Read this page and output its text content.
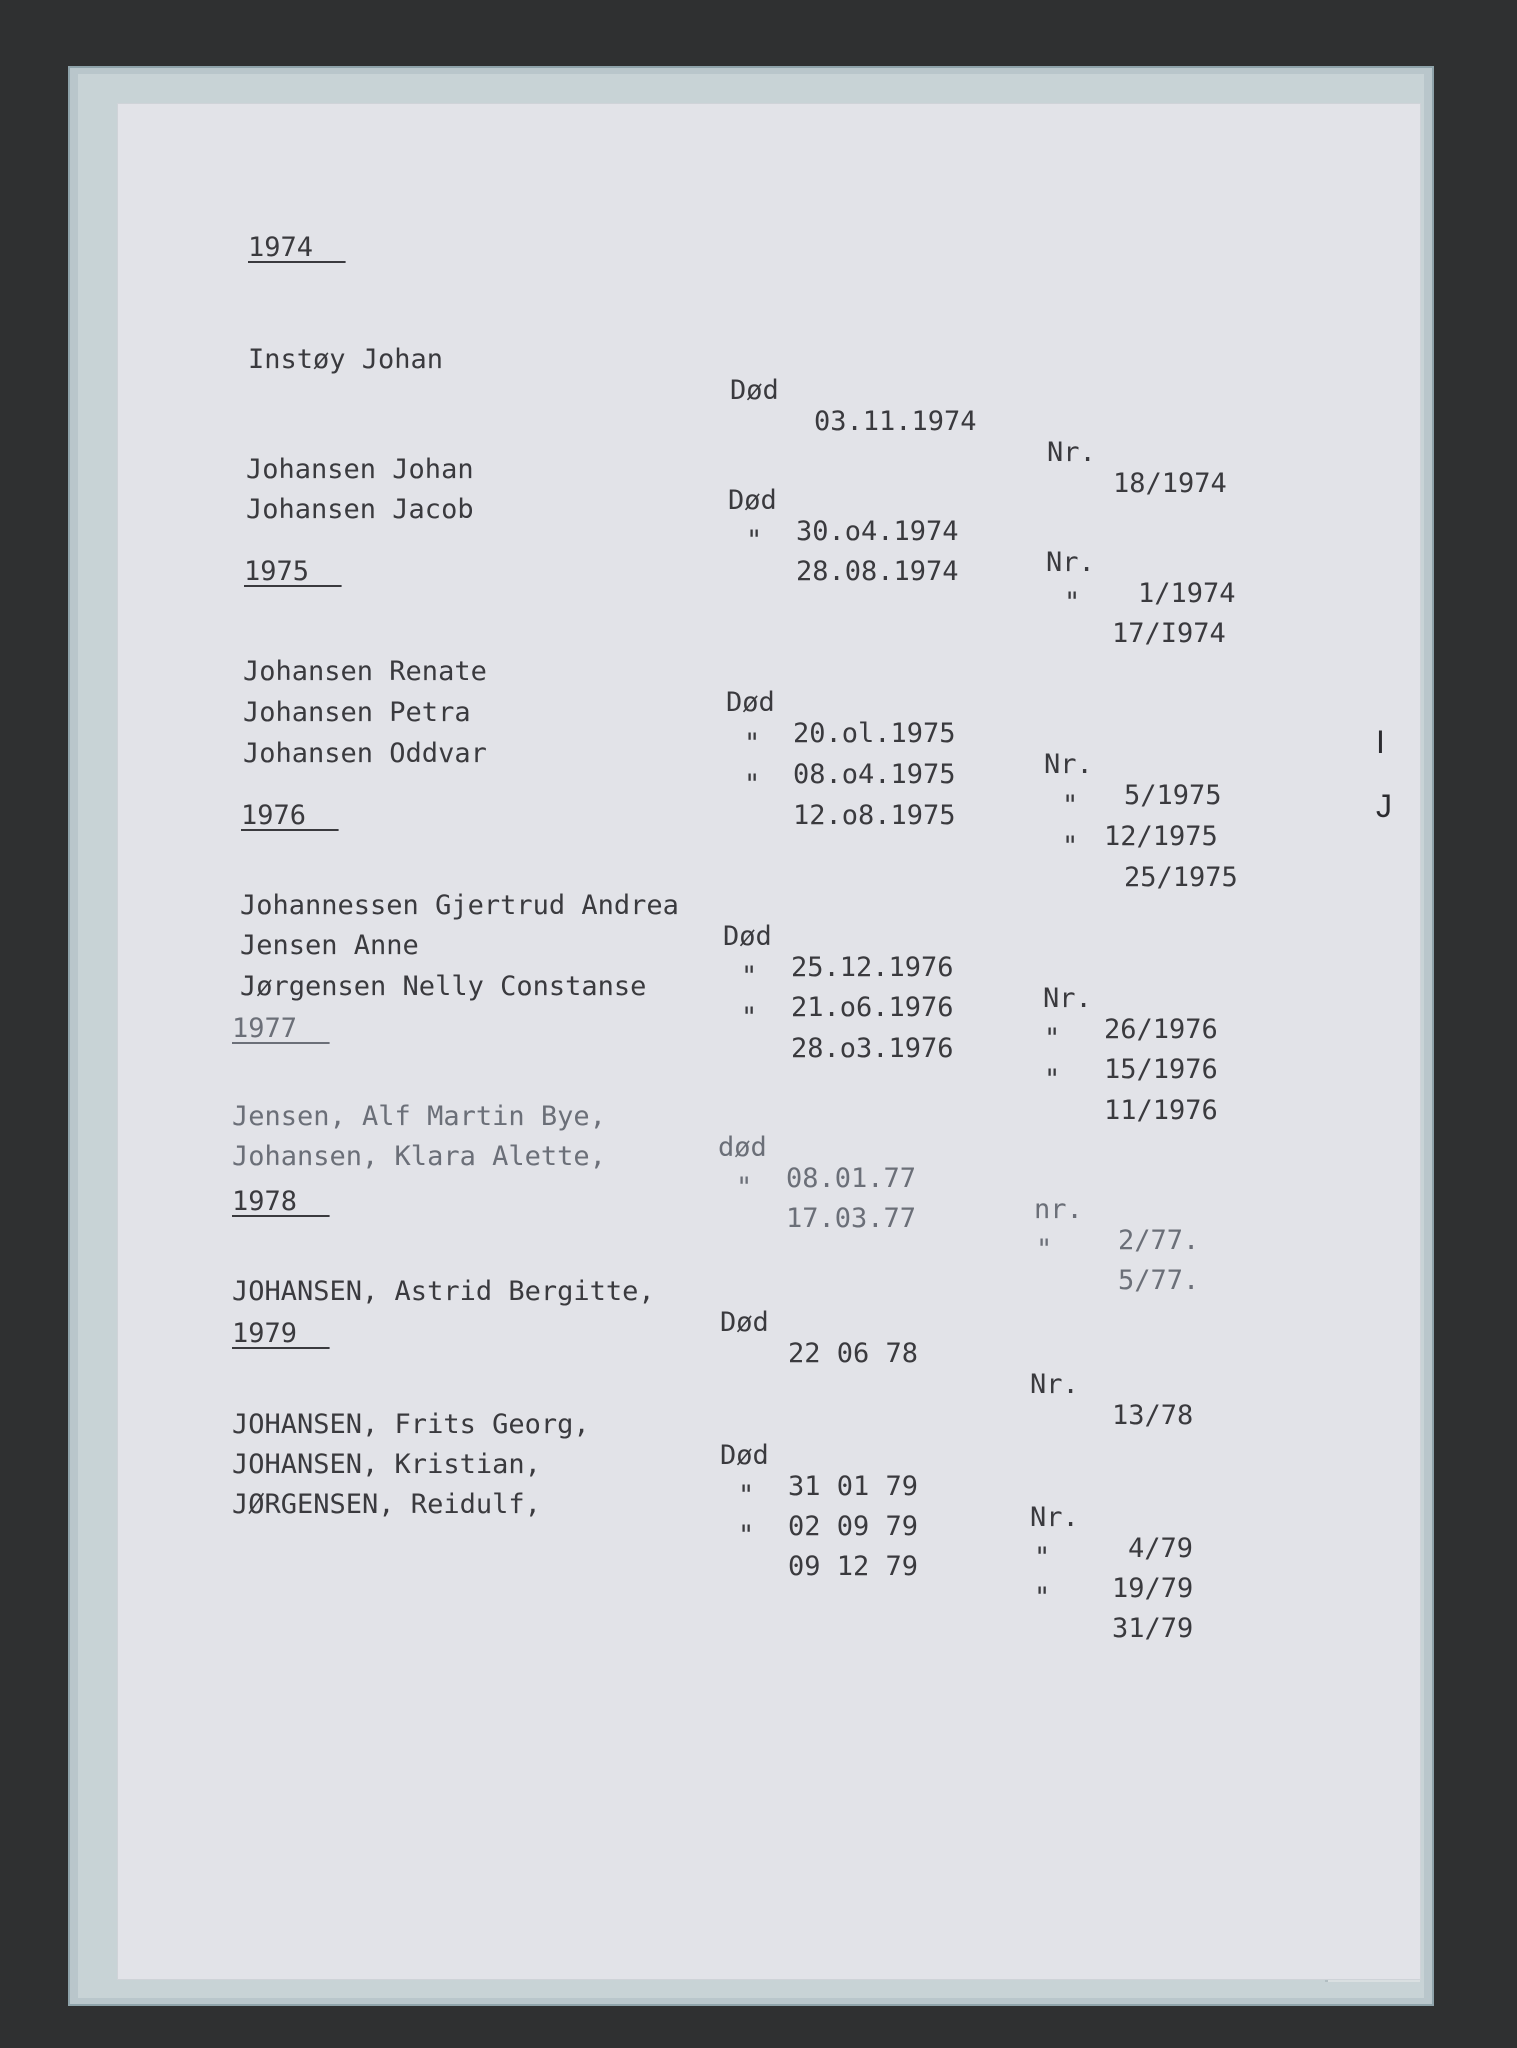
I
J
1974

Instøy Johan

Død

03.11.1974

Nr.

18/1974

Johansen Johan

Død

30.o4.1974

Nr.

1/1974

Johansen Jacob

"

28.08.1974

"

17/I974

1975

Johansen Renate

Død

20.ol.1975

Nr.

5/1975

Johansen Petra

"

08.o4.1975

"

12/1975

Johansen Oddvar

"

12.o8.1975

"

25/1975

1976

Johannessen Gjertrud Andrea

Død

25.12.1976

Nr.

26/1976

Jensen Anne

"

21.o6.1976

"

15/1976

Jørgensen Nelly Constanse

"

28.o3.1976

"

11/1976

1977

Jensen, Alf Martin Bye,

død

08.01.77

nr.

2/77.

Johansen, Klara Alette,

"

17.03.77

"

5/77.

1978

JOHANSEN, Astrid Bergitte,

Død

22 06 78

Nr.

13/78

1979

JOHANSEN, Frits Georg,

Død

31 01 79

Nr.

4/79

JOHANSEN, Kristian,

"

02 09 79

"

19/79

JØRGENSEN, Reidulf,

"

09 12 79

"

31/79
